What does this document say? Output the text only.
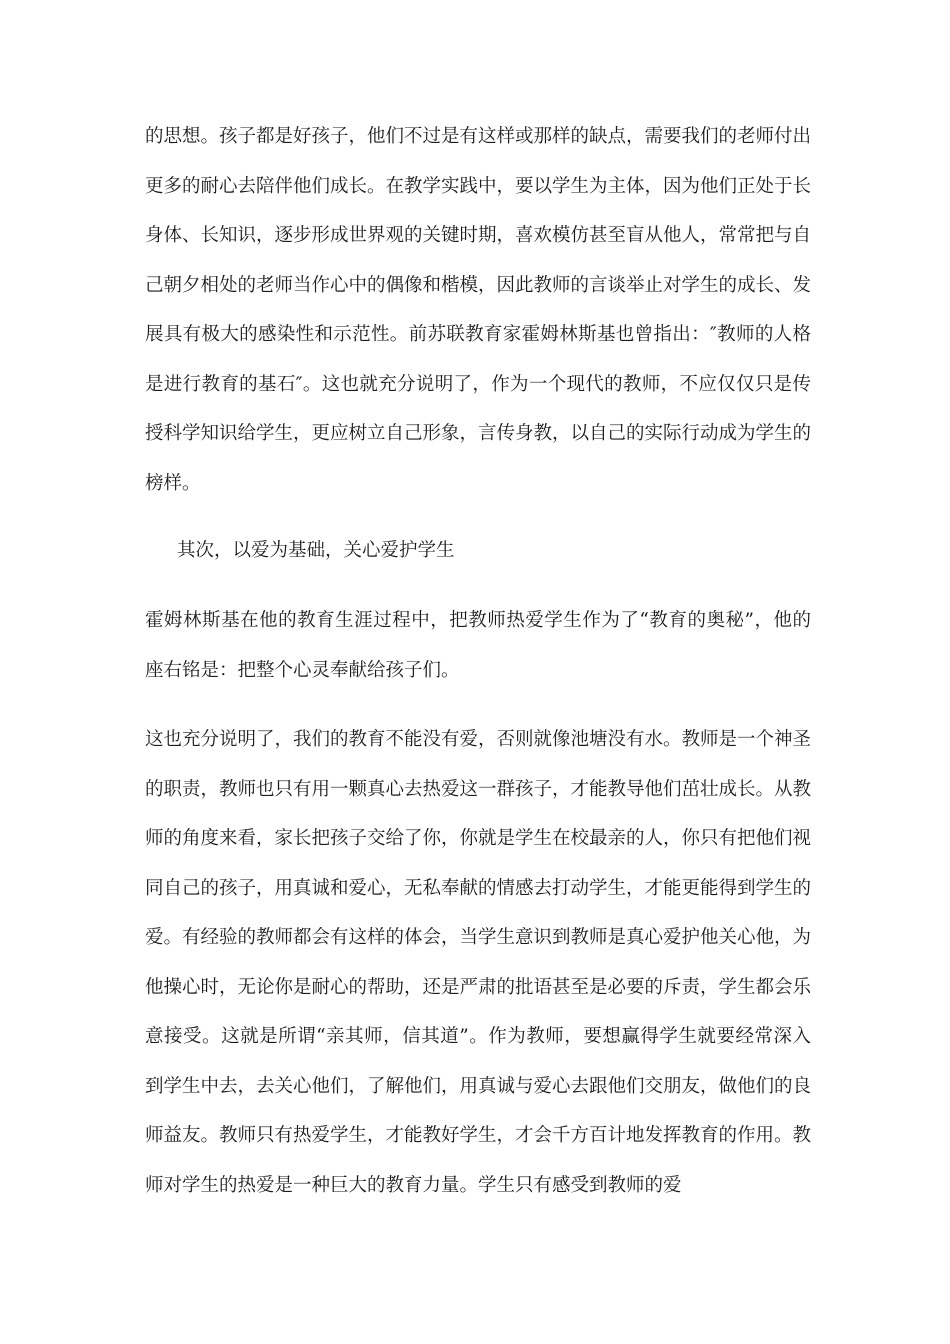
的思想。孩子都是好孩子，他们不过是有这样或那样的缺点，需要我们的老师付出更多的耐心去陪伴他们成长。在教学实践中，要以学生为主体，因为他们正处于长身体、长知识，逐步形成世界观的关键时期，喜欢模仿甚至盲从他人，常常把与自己朝夕相处的老师当作心中的偶像和楷模，因此教师的言谈举止对学生的成长、发展具有极大的感染性和示范性。前苏联教育家霍姆林斯基也曾指出：″教师的人格是进行教育的基石″。这也就充分说明了，作为一个现代的教师，不应仅仅只是传授科学知识给学生，更应树立自己形象，言传身教，以自己的实际行动成为学生的榜样。

其次，以爱为基础，关心爱护学生

霍姆林斯基在他的教育生涯过程中，把教师热爱学生作为了“教育的奥秘”，他的座右铭是：把整个心灵奉献给孩子们。

这也充分说明了，我们的教育不能没有爱，否则就像池塘没有水。教师是一个神圣的职责，教师也只有用一颗真心去热爱这一群孩子，才能教导他们茁壮成长。从教师的角度来看，家长把孩子交给了你，你就是学生在校最亲的人，你只有把他们视同自己的孩子，用真诚和爱心，无私奉献的情感去打动学生，才能更能得到学生的爱。有经验的教师都会有这样的体会，当学生意识到教师是真心爱护他关心他，为他操心时，无论你是耐心的帮助，还是严肃的批语甚至是必要的斥责，学生都会乐意接受。这就是所谓“亲其师，信其道”。作为教师，要想赢得学生就要经常深入到学生中去，去关心他们，了解他们，用真诚与爱心去跟他们交朋友，做他们的良师益友。教师只有热爱学生，才能教好学生，才会千方百计地发挥教育的作用。教师对学生的热爱是一种巨大的教育力量。学生只有感受到教师的爱
